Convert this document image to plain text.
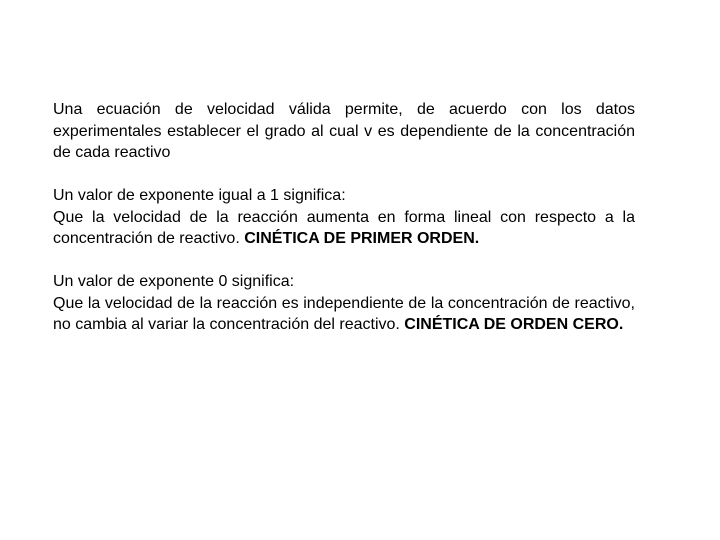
Una ecuación de velocidad válida permite, de acuerdo con los datos experimentales establecer el grado al cual v es dependiente de la concentración de cada reactivo

Un valor de exponente igual a 1 significa:
Que la velocidad de la reacción aumenta en forma lineal con respecto a la concentración de reactivo. CINÉTICA DE PRIMER ORDEN.

Un valor de exponente 0 significa:
Que la velocidad de la reacción es independiente de la concentración de reactivo, no cambia al variar la concentración del reactivo. CINÉTICA DE ORDEN CERO.
